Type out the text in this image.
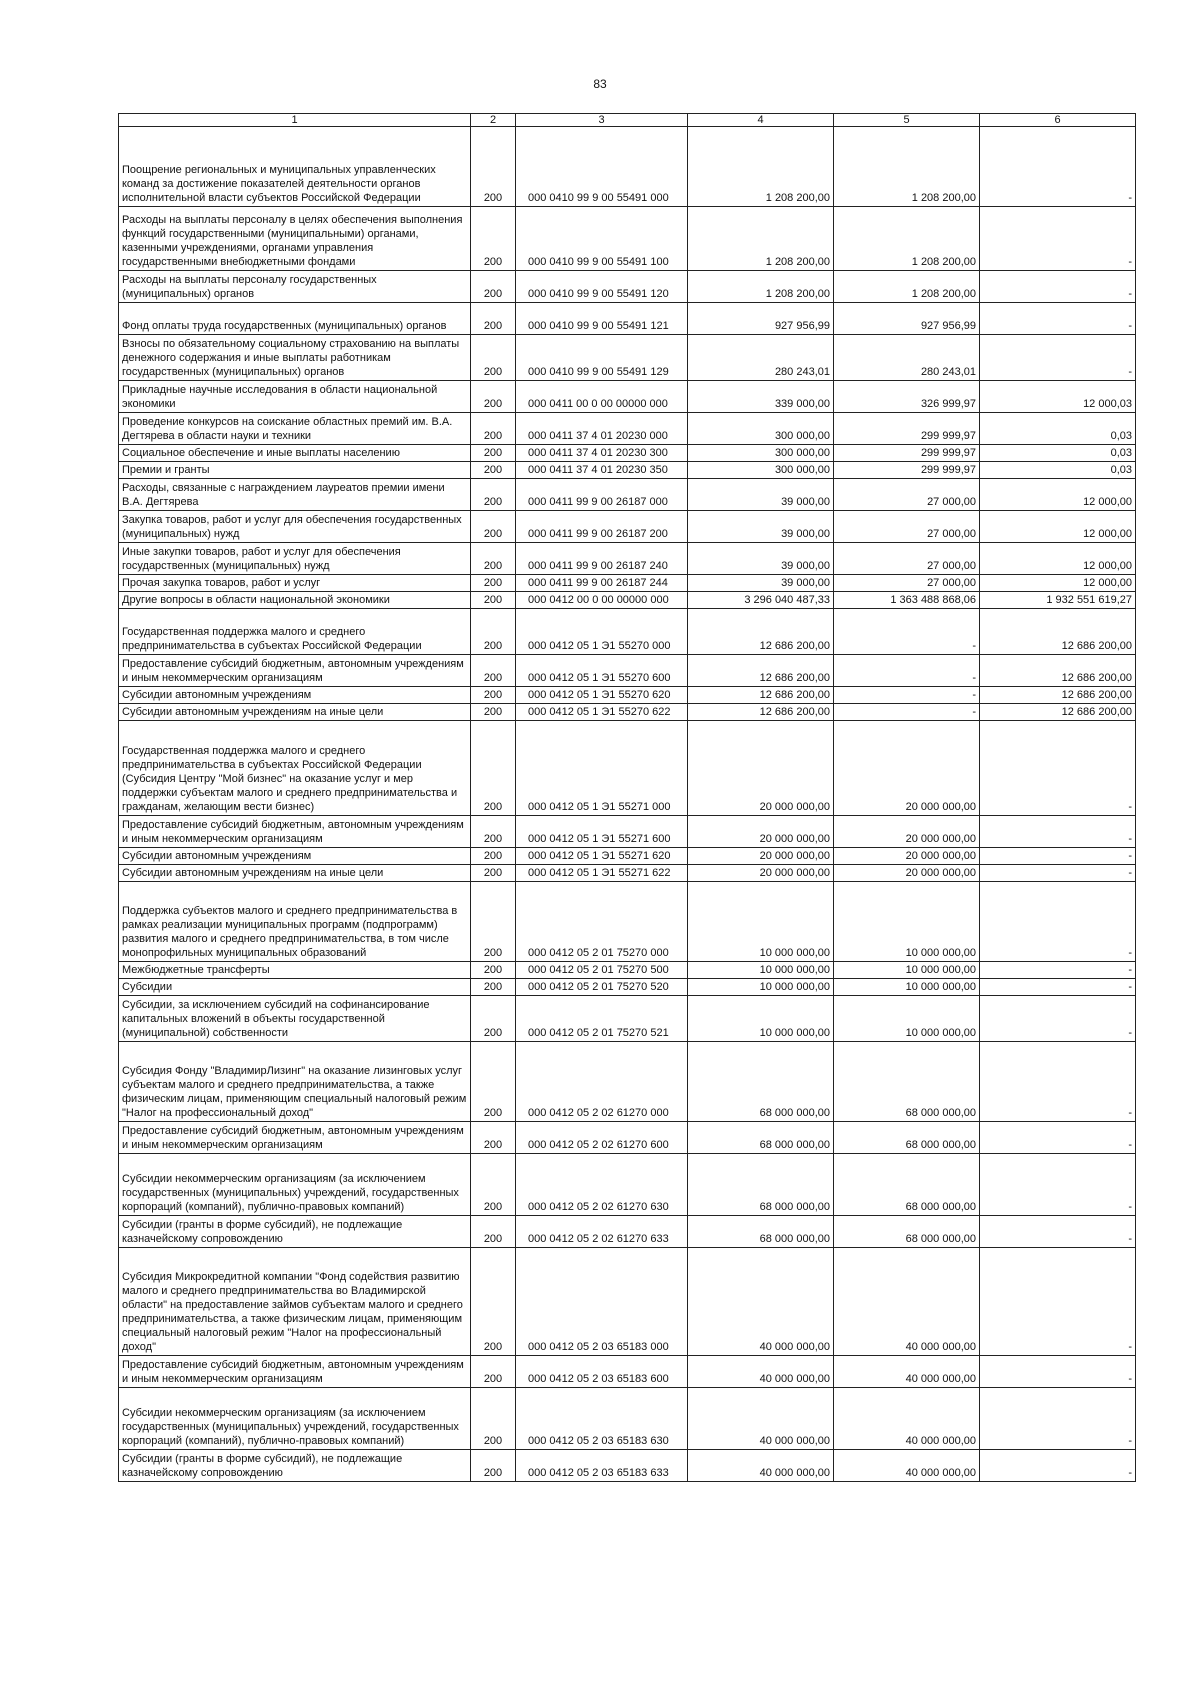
83
1	2	3	4	5	6
Поощрение региональных и муниципальных управленческих команд за достижение показателей деятельности органов исполнительной власти субъектов Российской Федерации	200	000 0410 99 9 00 55491 000	1 208 200,00	1 208 200,00	-
Расходы на выплаты персоналу в целях обеспечения выполнения функций государственными (муниципальными) органами, казенными учреждениями, органами управления государственными внебюджетными фондами	200	000 0410 99 9 00 55491 100	1 208 200,00	1 208 200,00	-
Расходы на выплаты персоналу государственных (муниципальных) органов	200	000 0410 99 9 00 55491 120	1 208 200,00	1 208 200,00	-
Фонд оплаты труда государственных (муниципальных) органов	200	000 0410 99 9 00 55491 121	927 956,99	927 956,99	-
Взносы по обязательному социальному страхованию на выплаты денежного содержания и иные выплаты работникам государственных (муниципальных) органов	200	000 0410 99 9 00 55491 129	280 243,01	280 243,01	-
Прикладные научные исследования в области национальной экономики	200	000 0411 00 0 00 00000 000	339 000,00	326 999,97	12 000,03
Проведение конкурсов на соискание областных премий им. В.А. Дегтярева в области науки и техники	200	000 0411 37 4 01 20230 000	300 000,00	299 999,97	0,03
Социальное обеспечение и иные выплаты населению	200	000 0411 37 4 01 20230 300	300 000,00	299 999,97	0,03
Премии и гранты	200	000 0411 37 4 01 20230 350	300 000,00	299 999,97	0,03
Расходы, связанные с награждением лауреатов премии имени В.А. Дегтярева	200	000 0411 99 9 00 26187 000	39 000,00	27 000,00	12 000,00
Закупка товаров, работ и услуг для обеспечения государственных (муниципальных) нужд	200	000 0411 99 9 00 26187 200	39 000,00	27 000,00	12 000,00
Иные закупки товаров, работ и услуг для обеспечения государственных (муниципальных) нужд	200	000 0411 99 9 00 26187 240	39 000,00	27 000,00	12 000,00
Прочая закупка товаров, работ и услуг	200	000 0411 99 9 00 26187 244	39 000,00	27 000,00	12 000,00
Другие вопросы в области национальной экономики	200	000 0412 00 0 00 00000 000	3 296 040 487,33	1 363 488 868,06	1 932 551 619,27
Государственная поддержка малого и среднего предпринимательства в субъектах Российской Федерации	200	000 0412 05 1 Э1 55270 000	12 686 200,00	-	12 686 200,00
Предоставление субсидий бюджетным, автономным учреждениям и иным некоммерческим организациям	200	000 0412 05 1 Э1 55270 600	12 686 200,00	-	12 686 200,00
Субсидии автономным учреждениям	200	000 0412 05 1 Э1 55270 620	12 686 200,00	-	12 686 200,00
Субсидии автономным учреждениям на иные цели	200	000 0412 05 1 Э1 55270 622	12 686 200,00	-	12 686 200,00
Государственная поддержка малого и среднего предпринимательства в субъектах Российской Федерации (Субсидия Центру "Мой бизнес" на оказание услуг и мер поддержки субъектам малого и среднего предпринимательства и гражданам, желающим вести бизнес)	200	000 0412 05 1 Э1 55271 000	20 000 000,00	20 000 000,00	-
Предоставление субсидий бюджетным, автономным учреждениям и иным некоммерческим организациям	200	000 0412 05 1 Э1 55271 600	20 000 000,00	20 000 000,00	-
Субсидии автономным учреждениям	200	000 0412 05 1 Э1 55271 620	20 000 000,00	20 000 000,00	-
Субсидии автономным учреждениям на иные цели	200	000 0412 05 1 Э1 55271 622	20 000 000,00	20 000 000,00	-
Поддержка субъектов малого и среднего предпринимательства в рамках реализации муниципальных программ (подпрограмм) развития малого и среднего предпринимательства, в том числе монопрофильных муниципальных образований	200	000 0412 05 2 01 75270 000	10 000 000,00	10 000 000,00	-
Межбюджетные трансферты	200	000 0412 05 2 01 75270 500	10 000 000,00	10 000 000,00	-
Субсидии	200	000 0412 05 2 01 75270 520	10 000 000,00	10 000 000,00	-
Субсидии, за исключением субсидий на софинансирование капитальных вложений в объекты государственной (муниципальной) собственности	200	000 0412 05 2 01 75270 521	10 000 000,00	10 000 000,00	-
Субсидия Фонду "ВладимирЛизинг" на оказание лизинговых услуг субъектам малого и среднего предпринимательства, а также физическим лицам, применяющим специальный налоговый режим "Налог на профессиональный доход"	200	000 0412 05 2 02 61270 000	68 000 000,00	68 000 000,00	-
Предоставление субсидий бюджетным, автономным учреждениям и иным некоммерческим организациям	200	000 0412 05 2 02 61270 600	68 000 000,00	68 000 000,00	-
Субсидии некоммерческим организациям (за исключением государственных (муниципальных) учреждений, государственных корпораций (компаний), публично-правовых компаний)	200	000 0412 05 2 02 61270 630	68 000 000,00	68 000 000,00	-
Субсидии (гранты в форме субсидий), не подлежащие казначейскому сопровождению	200	000 0412 05 2 02 61270 633	68 000 000,00	68 000 000,00	-
Субсидия Микрокредитной компании "Фонд содействия развитию малого и среднего предпринимательства во Владимирской области" на предоставление займов субъектам малого и среднего предпринимательства, а также физическим лицам, применяющим специальный налоговый режим "Налог на профессиональный доход"	200	000 0412 05 2 03 65183 000	40 000 000,00	40 000 000,00	-
Предоставление субсидий бюджетным, автономным учреждениям и иным некоммерческим организациям	200	000 0412 05 2 03 65183 600	40 000 000,00	40 000 000,00	-
Субсидии некоммерческим организациям (за исключением государственных (муниципальных) учреждений, государственных корпораций (компаний), публично-правовых компаний)	200	000 0412 05 2 03 65183 630	40 000 000,00	40 000 000,00	-
Субсидии (гранты в форме субсидий), не подлежащие казначейскому сопровождению	200	000 0412 05 2 03 65183 633	40 000 000,00	40 000 000,00	-
